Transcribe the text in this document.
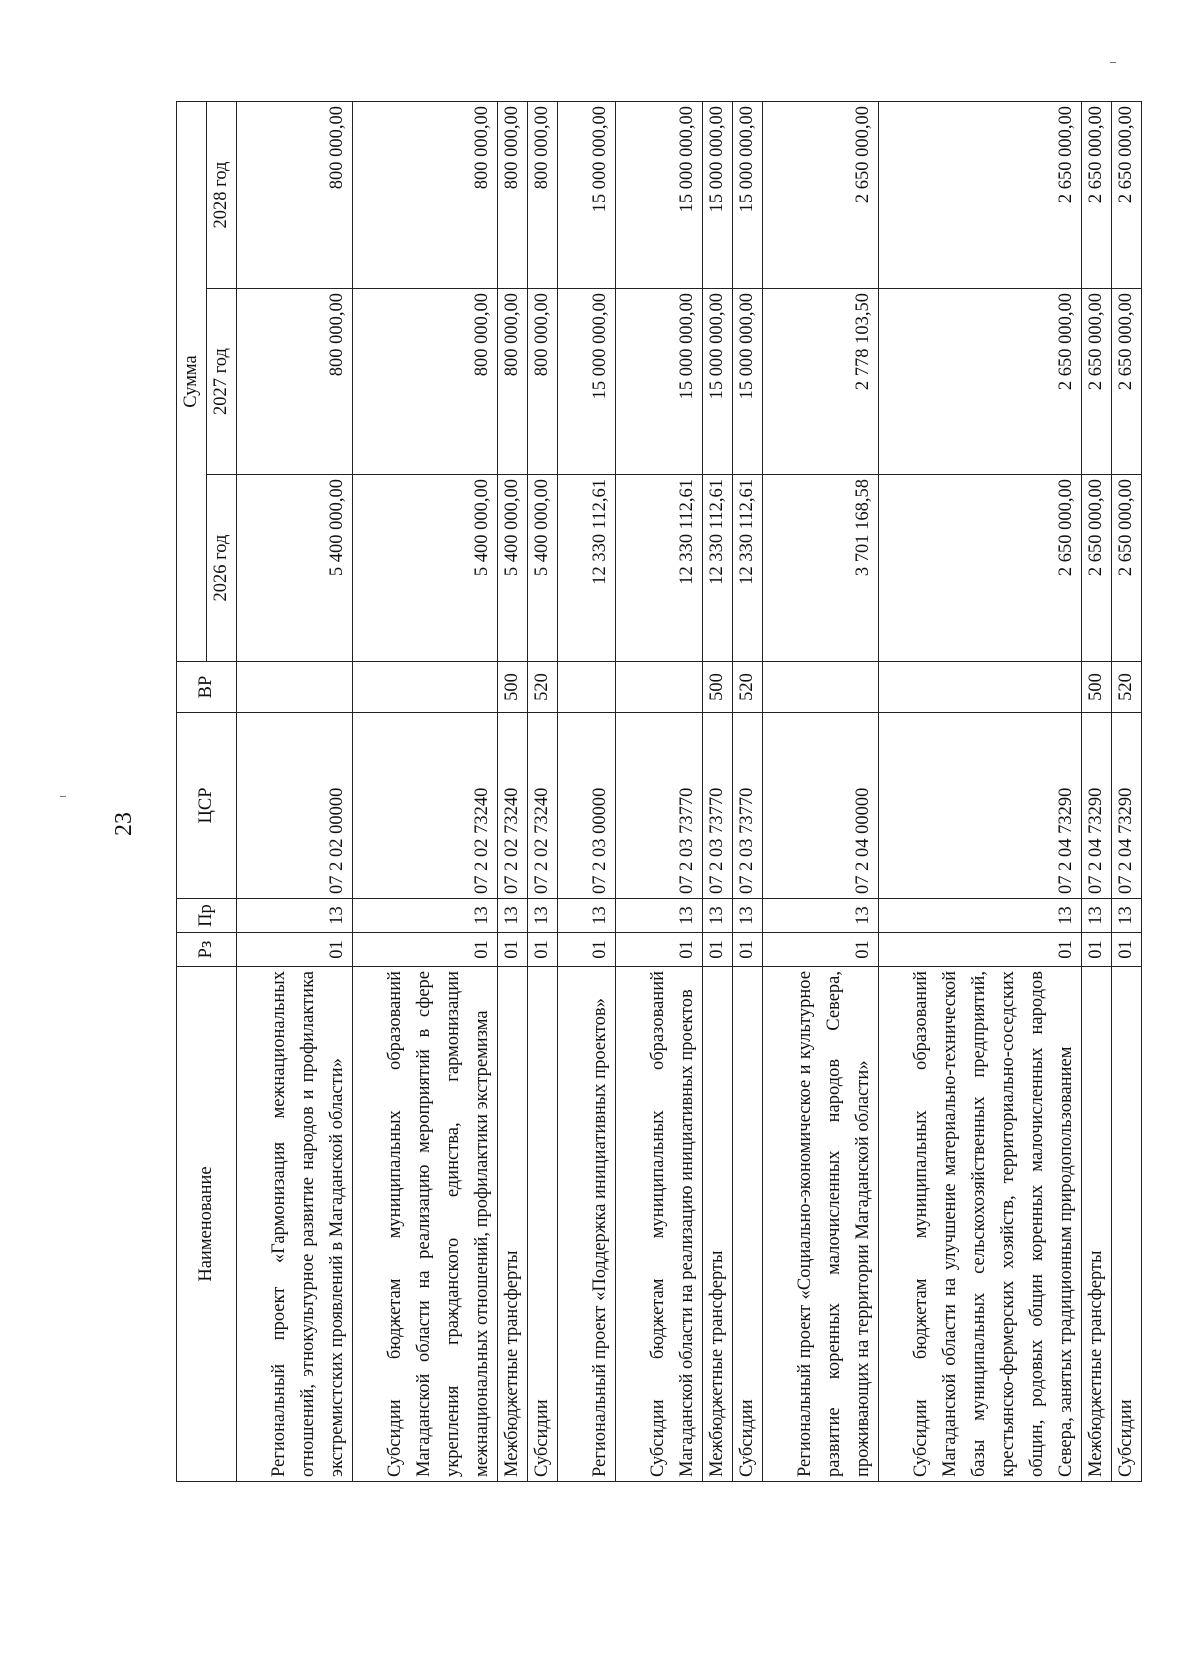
23
Наименование	Рз	Пр	ЦСР	ВР	Сумма		
					2026 год	2027 год	2028 год
Региональный проект «Гармонизация межнациональных отношений, этнокультурное развитие народов и профилактика экстремистских проявлений в Магаданской области»	01	13	07 2 02 00000		5 400 000,00	800 000,00	800 000,00
Субсидии бюджетам муниципальных образований Магаданской области на реализацию мероприятий в сфере укрепления гражданского единства, гармонизации межнациональных отношений, профилактики экстремизма	01	13	07 2 02 73240		5 400 000,00	800 000,00	800 000,00
Межбюджетные трансферты	01	13	07 2 02 73240	500	5 400 000,00	800 000,00	800 000,00
Субсидии	01	13	07 2 02 73240	520	5 400 000,00	800 000,00	800 000,00
Региональный проект «Поддержка инициативных проектов»	01	13	07 2 03 00000		12 330 112,61	15 000 000,00	15 000 000,00
Субсидии бюджетам муниципальных образований Магаданской области на реализацию инициативных проектов	01	13	07 2 03 73770		12 330 112,61	15 000 000,00	15 000 000,00
Межбюджетные трансферты	01	13	07 2 03 73770	500	12 330 112,61	15 000 000,00	15 000 000,00
Субсидии	01	13	07 2 03 73770	520	12 330 112,61	15 000 000,00	15 000 000,00
Региональный проект «Социально-экономическое и культурное развитие коренных малочисленных народов Севера, проживающих на территории Магаданской области»	01	13	07 2 04 00000		3 701 168,58	2 778 103,50	2 650 000,00
Субсидии бюджетам муниципальных образований Магаданской области на улучшение материально-технической базы муниципальных сельскохозяйственных предприятий, крестьянско-фермерских хозяйств, территориально-соседских общин, родовых общин коренных малочисленных народов Севера, занятых традиционным природопользованием	01	13	07 2 04 73290		2 650 000,00	2 650 000,00	2 650 000,00
Межбюджетные трансферты	01	13	07 2 04 73290	500	2 650 000,00	2 650 000,00	2 650 000,00
Субсидии	01	13	07 2 04 73290	520	2 650 000,00	2 650 000,00	2 650 000,00
